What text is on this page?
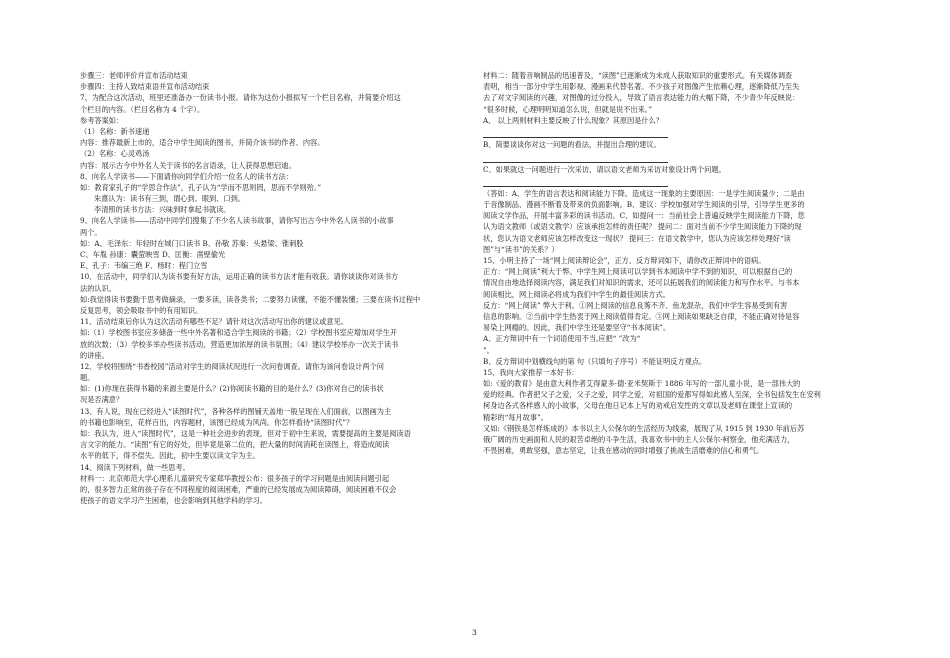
步骤三：老师评价并宣布活动结束
步骤四：主持人致结束语并宣布活动结束
7、为配合这次活动，班里还准备办一份读书小报。请你为这份小报拟写一个栏目名称，并简要介绍这
个栏目的内容。（栏目名称为 4 个字）。
参考答案如：
（1）名称：新书速递
内容：推荐最新上市的，适合中学生阅读的图书，并简介该书的作者、内容。
（2）名称：心灵鸡汤
内容：展示古今中外名人关于读书的名言语录，让人获得思想启迪。
8、向名人学读书——下面请你向同学们介绍一位名人的读书方法：
如：教育家孔子的“学思合作法”，孔子认为“学而不思则罔，思而不学则殆。”
朱熹认为：读书有三到，谓心到、眼到、口到。
李清照的读书方法：兴味到时拿起书就读。
9、向名人学读书——活动中同学们搜集了不少名人读书故事，请你写出古今中外名人读书的小故事
两个。
如：A、毛泽东：年轻时在城门口读书 B、孙敬 苏秦：头悬梁、锥刺股
C、车胤 孙康：囊萤映雪 D、匡衡：凿壁偷光
E、孔子：韦编三绝 F、杨时：程门立雪
10、在活动中，同学们认为读书要有好方法，运用正确的读书方法才能有收获。请你谈谈你对读书方
法的认识。
如:我觉得读书要勤于思考做摘录，一要多读，读各类书；二要努力读懂，不能不懂装懂；三要在读书过程中
反复思考，领会吸取书中的有用知识。
11、活动结束后你认为这次活动有哪些不足？请针对这次活动写出你的建议或意见。
如:（1）学校图书室应多储备一些中外名著和适合学生阅读的书籍；（2）学校图书室应增加对学生开
放的次数；（3）学校多举办些读书活动，营造更加浓厚的读书氛围；（4）建议学校举办一次关于读书
的讲座。
12、学校将围绕“书香校园”活动对学生的阅读状况进行一次问卷调查。请你为该问卷设计两个问
题。
如：(1)你现在获得书籍的来源主要是什么？(2)你阅读书籍的目的是什么？(3)你对自己的读书状
况是否满意？
13、有人说，现在已经进入“读图时代”，各种各样的图铺天盖地一般呈现在人们面前，以图画为主
的书籍也影响至，花样百出，内容题材，该图已经成为风尚。你怎样看待“读图时代”？
如：我认为，进入“读图时代”，这是一种社会进步的表现，但对于初中生来说，需要提高的主要是阅读语
言文字的能力。“读图”有它的好处，但毕竟是第二位的，把大量的时间消耗在读图上，将造成阅读
水平的低下，得不偿失。因此，初中生要以读文字为主。
14、阅读下列材料，做一些思考。
材料一：北京师范大学心理系儿童研究专家郑华教授公布：很多孩子的学习问题是由阅读问题引起
的，很多智力正常的孩子存在不同程度的阅读困难，严重的已经发展成为阅读障碍，阅读困难不仅会
使孩子的语文学习产生困难，也会影响到其他学科的学习。
材料二：随着音响制品的迅速普及，“读图”已逐渐成为未成人获取知识的重要形式。有关媒体调查
表明，相当一部分中学生用影视、漫画来代替名著。不少孩子对图像产生依赖心理，逐渐降低乃至失
去了对文字阅读的兴趣，对图像的过分投入，导致了语言表达能力的大幅下降，不少青少年反映说：
“很多时候，心理明明知道怎么说，但就是说不出来。”
A、 以上两则材料主要反映了什么现象？其原因是什么？
B、简要谈谈你对这一问题的看法，并提出合理的建议。
C、如果就这一问题进行一次采访，请以语文老师为采访对象设计两个问题。
（答如：A、学生的语言表达和阅读能力下降。造成这一现象的主要原因：一是学生阅读量少；二是由
于音像制品、漫画不断着及带来的负面影响。B、建议：学校加强对学生阅读的引导，引导学生更多的
阅读文学作品，开展丰富多彩的读书活动。C、如提问一：当前社会上普遍反映学生阅读能力下降，您
认为语文教师（或语文教学）应该承担怎样的责任呢？ 提问二：面对当前不少学生阅读能力下降的现
状，您认为语文老师应该怎样改变这一现状？ 提问三：在语文教学中，您认为应该怎样处理好“读
图”与“读书”的关系？）
15、小明主持了一场“网上阅读辩论会”，正方、反方辩词如下，请你改正辩词中的语病。
正方：“网上阅读”利大于弊。中学生网上阅读可以学到书本阅读中学不到的知识，可以根据自己的
情况自由地选择阅读内容，满足我们对知识的需求，还可以拓展我们的阅读能力和写作水平。与书本
阅读相比，网上阅读必将成为我们中学生的最佳阅读方式。
反方：“网上阅读” 弊大于利。①网上阅读的信息良莠不齐、鱼龙混杂，我们中学生容易受到有害
信息的影响。②当前中学生热衷于网上阅读值得肯定。③网上阅读如果缺乏自律，不能正确对待是容
易染上网瘾的。因此，我们中学生还是要坚守“书本阅读”。
A、正方辩词中有一个词语使用不当,应把“ ”改为“
”。
B、反方辩词中划横线句的第 句（只填句子序号）不能证明反方观点。
15、我向大家推荐一本好书：
如:《爱的教育》是由意大利作者艾得蒙多·德·亚米契斯于 1886 年写的一部儿童小说，是一部伟大的
爱的经典。作者把父子之爱，父子之爱，同学之爱，对祖国的爱都写得如此感人至深，全书包括发生在安利
柯身边各式各样感人的小故事，父母在他日记本上写的劝戒启发性的文章以及老师在课堂上宣读的
精彩的“每月故事”。
又如:《钢铁是怎样炼成的》本书以主人公保尔的生活经历为线索，展现了从 1915 到 1930 年前后苏
俄广阔的历史画面和人民的艰苦卓绝的斗争生活，我喜欢书中的主人公保尔·柯察金，他充满活力，
不畏困难，勇敢坚强，意志坚定，让我在感动的同时增强了挑战生活磨难的信心和勇气。
3
